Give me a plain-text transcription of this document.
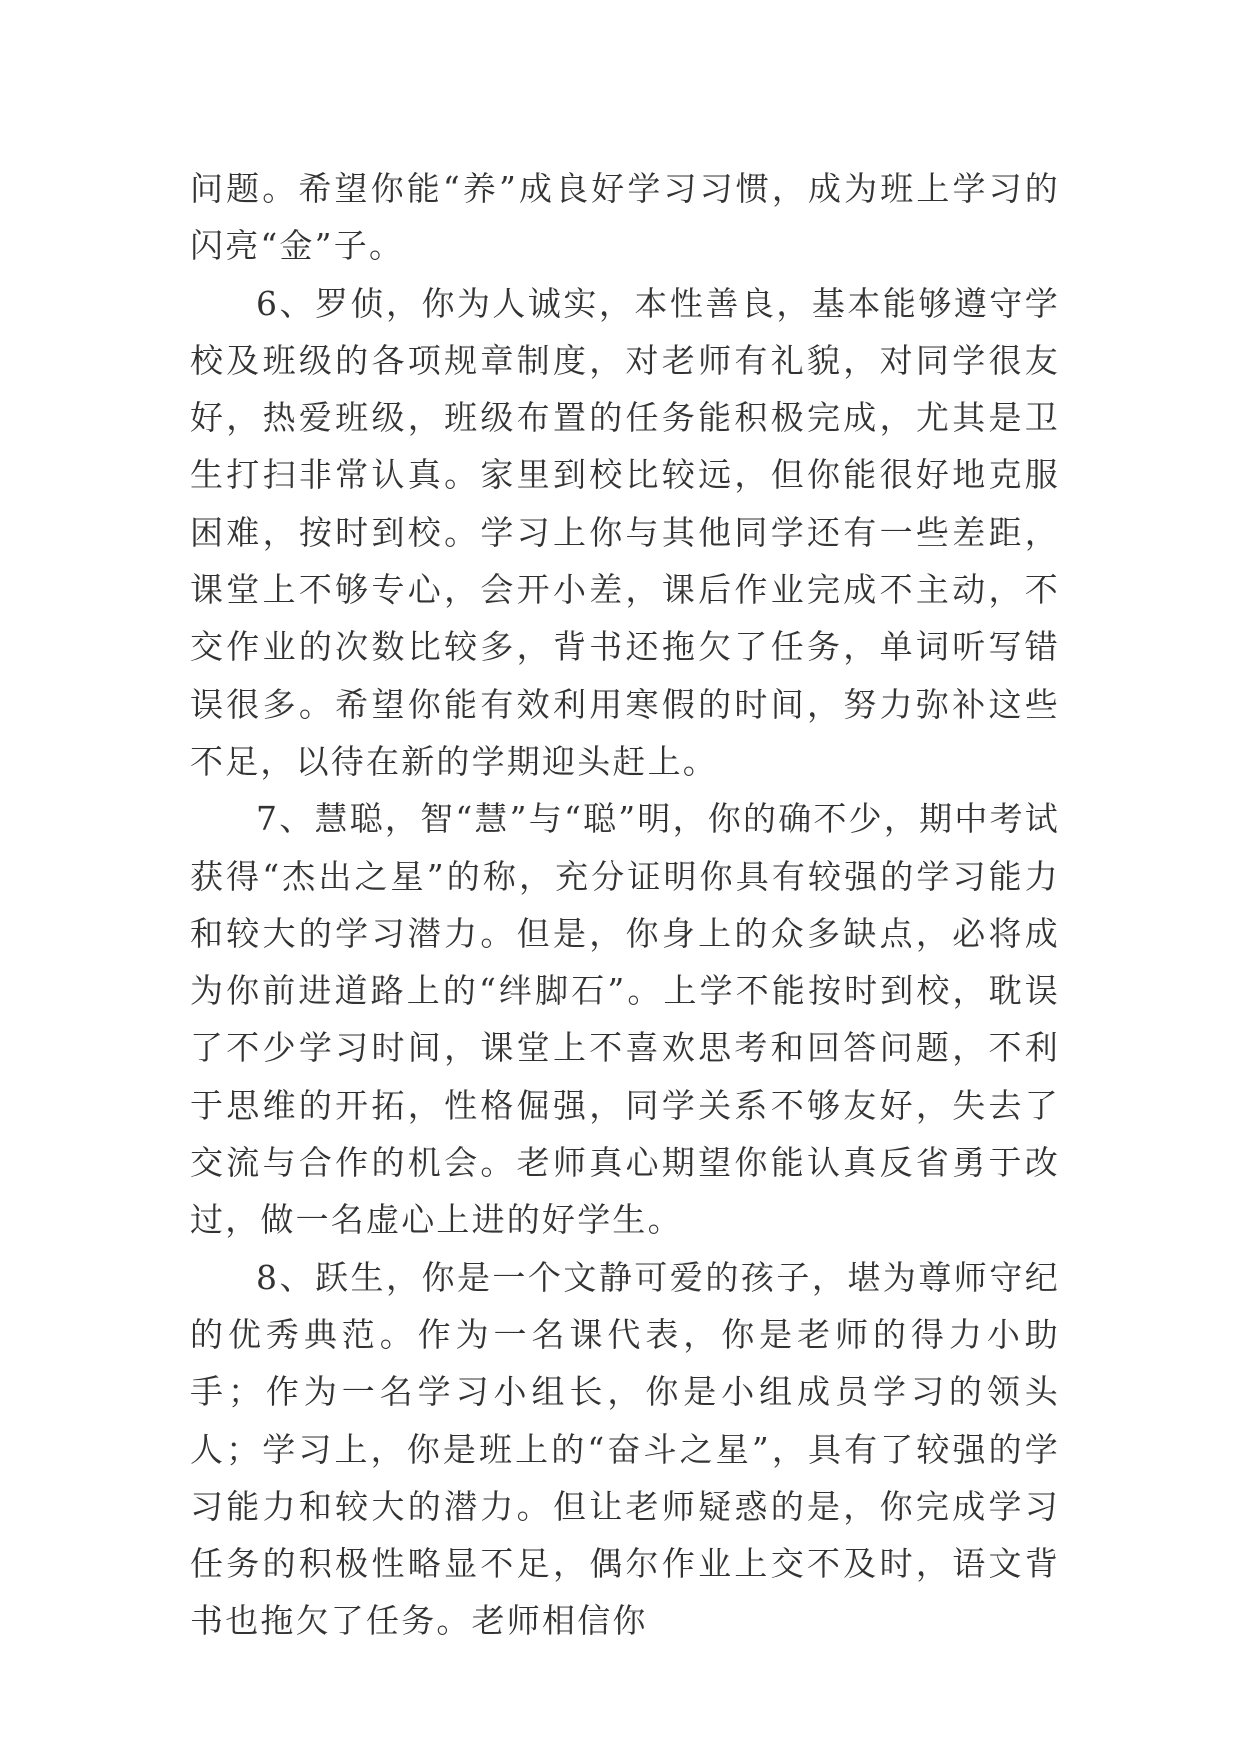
问题。希望你能“养”成良好学习习惯，成为班上学习的闪亮“金”子。

6、罗侦，你为人诚实，本性善良，基本能够遵守学校及班级的各项规章制度，对老师有礼貌，对同学很友好，热爱班级，班级布置的任务能积极完成，尤其是卫生打扫非常认真。家里到校比较远，但你能很好地克服困难，按时到校。学习上你与其他同学还有一些差距，课堂上不够专心，会开小差，课后作业完成不主动，不交作业的次数比较多，背书还拖欠了任务，单词听写错误很多。希望你能有效利用寒假的时间，努力弥补这些不足，以待在新的学期迎头赶上。

7、慧聪，智“慧”与“聪”明，你的确不少，期中考试获得“杰出之星”的称，充分证明你具有较强的学习能力和较大的学习潜力。但是，你身上的众多缺点，必将成为你前进道路上的“绊脚石”。上学不能按时到校，耽误了不少学习时间，课堂上不喜欢思考和回答问题，不利于思维的开拓，性格倔强，同学关系不够友好，失去了交流与合作的机会。老师真心期望你能认真反省勇于改过，做一名虚心上进的好学生。

8、跃生，你是一个文静可爱的孩子，堪为尊师守纪的优秀典范。作为一名课代表，你是老师的得力小助手；作为一名学习小组长，你是小组成员学习的领头人；学习上，你是班上的“奋斗之星”，具有了较强的学习能力和较大的潜力。但让老师疑惑的是，你完成学习任务的积极性略显不足，偶尔作业上交不及时，语文背书也拖欠了任务。老师相信你
